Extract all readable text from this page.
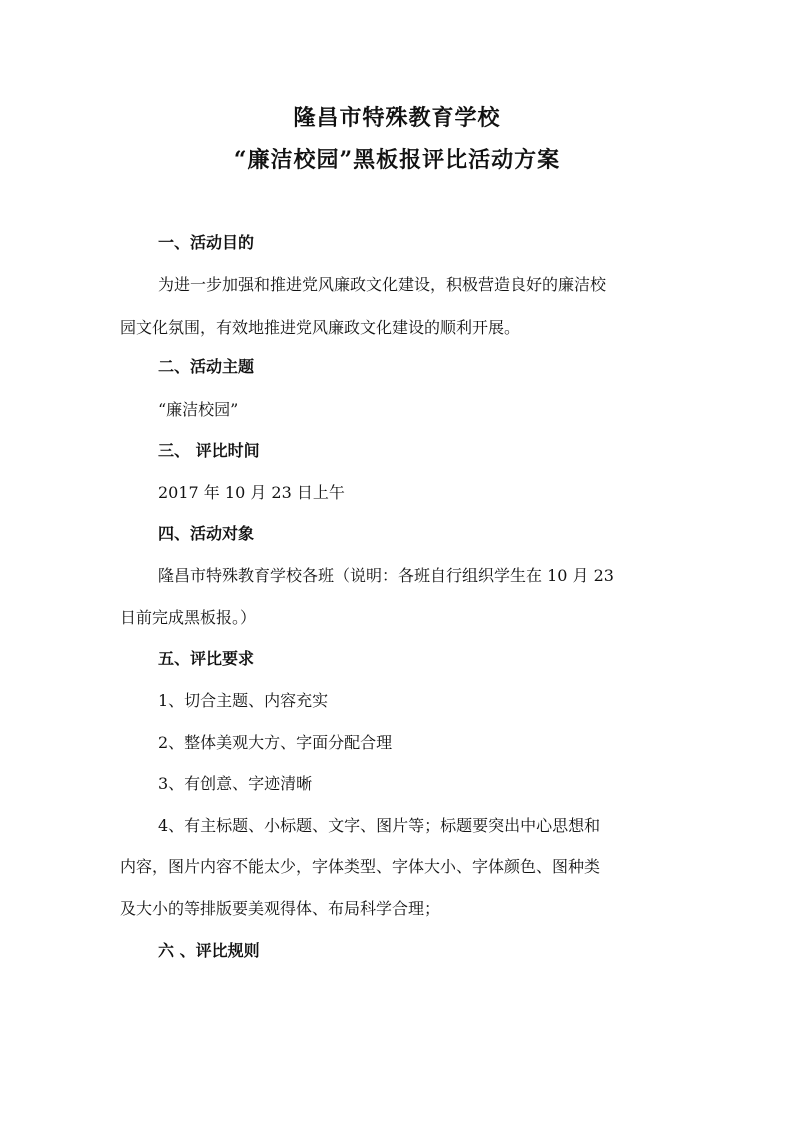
隆昌市特殊教育学校
“廉洁校园”黑板报评比活动方案
一、活动目的
为进一步加强和推进党风廉政文化建设，积极营造良好的廉洁校
园文化氛围，有效地推进党风廉政文化建设的顺利开展。
二、活动主题
“廉洁校园”
三、 评比时间
2017 年 10 月 23 日上午
四、活动对象
隆昌市特殊教育学校各班（说明：各班自行组织学生在 10 月 23
日前完成黑板报。）
五、评比要求
1、切合主题、内容充实
2、整体美观大方、字面分配合理
3、有创意、字迹清晰
4、有主标题、小标题、文字、图片等；标题要突出中心思想和
内容，图片内容不能太少，字体类型、字体大小、字体颜色、图种类
及大小的等排版要美观得体、布局科学合理；
六 、评比规则
